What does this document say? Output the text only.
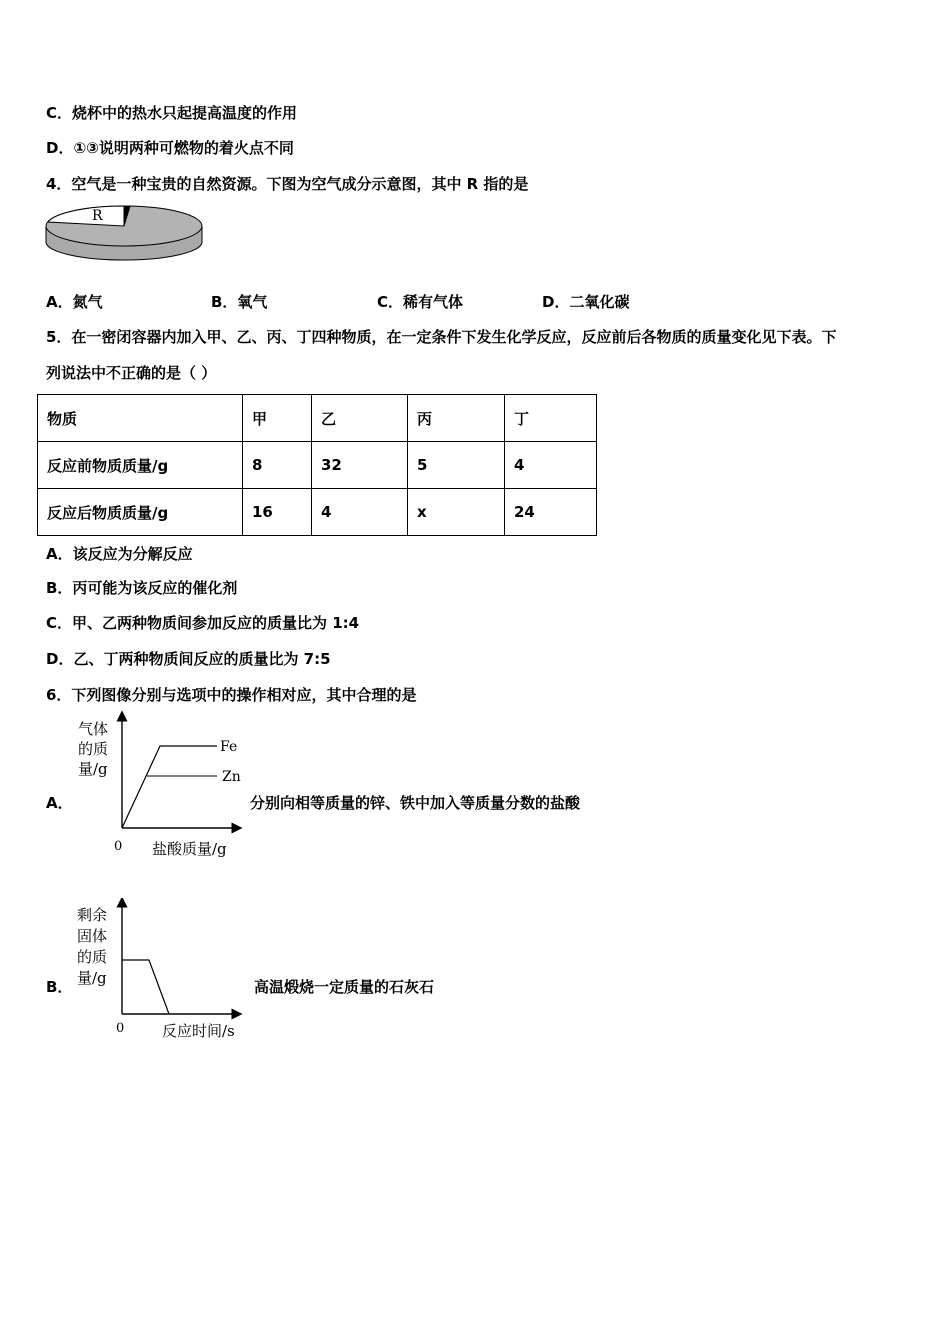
C．烧杯中的热水只起提高温度的作用
D．①③说明两种可燃物的着火点不同
4．空气是一种宝贵的自然资源。下图为空气成分示意图，其中 R 指的是
R
A．氮气	B．氧气	C．稀有气体	D．二氧化碳
5．在一密闭容器内加入甲、乙、丙、丁四种物质，在一定条件下发生化学反应，反应前后各物质的质量变化见下表。下
列说法中不正确的是（ ）
物质	甲	乙	丙	丁
反应前物质质量/g	8	32	5	4
反应后物质质量/g	16	4	x	24
A．该反应为分解反应
B．丙可能为该反应的催化剂
C．甲、乙两种物质间参加反应的质量比为 1:4
D．乙、丁两种物质间反应的质量比为 7:5
6．下列图像分别与选项中的操作相对应，其中合理的是
A．
气体
的质
量/g
Fe
Zn
0 盐酸质量/g
分别向相等质量的锌、铁中加入等质量分数的盐酸
B．
剩余
固体
的质
量/g
0	反应时间/s
高温煅烧一定质量的石灰石
